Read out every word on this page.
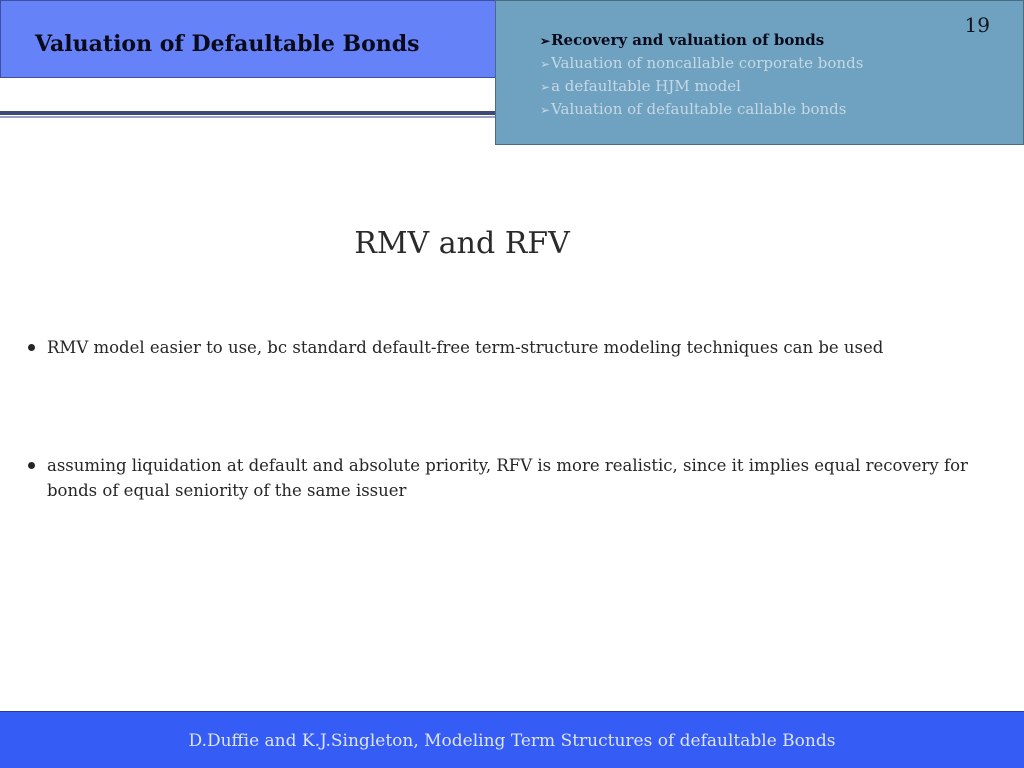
Valuation of Defaultable Bonds	➢Recovery and valuation of bonds
➢Valuation of noncallable corporate bonds
➢a defaultable HJM model
➢Valuation of defaultable callable bonds
19
RMV and RFV
RMV model easier to use, bc standard default-free term-structure modeling techniques can be used
assuming liquidation at default and absolute priority, RFV is more realistic, since it implies equal recovery for bonds of equal seniority of the same issuer
D.Duffie and K.J.Singleton, Modeling Term Structures of defaultable Bonds
